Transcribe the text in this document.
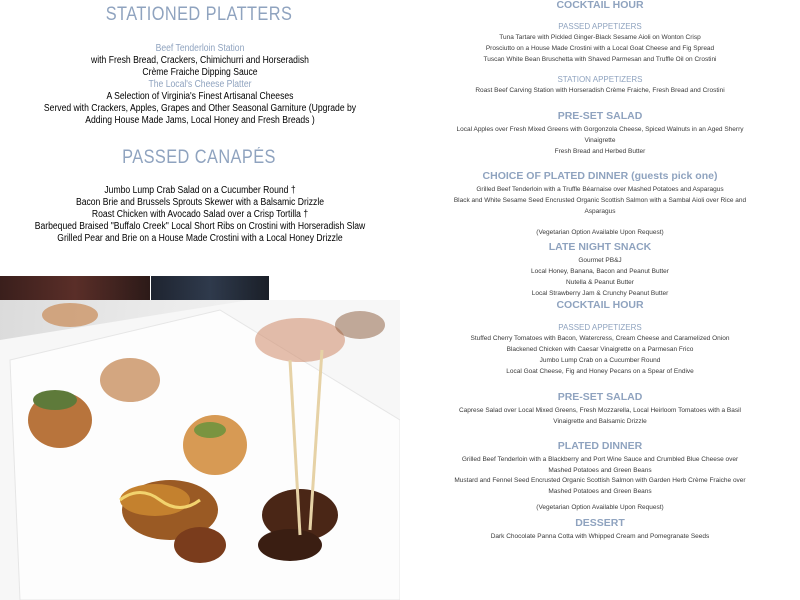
STATIONED PLATTERS
Beef Tenderloin Station
with Fresh Bread, Crackers, Chimichurri and Horseradish
Crème Fraiche Dipping Sauce
The Local's Cheese Platter
A Selection of Virginia's Finest Artisanal Cheeses
Served with Crackers, Apples, Grapes and Other Seasonal Garniture (Upgrade by
Adding House Made Jams, Local Honey and Fresh Breads )
PASSED CANAPÉS
Jumbo Lump Crab Salad on a Cucumber Round †
Bacon Brie and Brussels Sprouts Skewer with a Balsamic Drizzle
Roast Chicken with Avocado Salad over a Crisp Tortilla †
Barbequed Braised "Buffalo Creek" Local Short Ribs on Crostini with Horseradish Slaw
Grilled Pear and Brie on a House Made Crostini with a Local Honey Drizzle
COCKTAIL HOUR
PASSED APPETIZERS
Tuna Tartare with Pickled Ginger-Black Sesame Aioli on Wonton Crisp
Prosciutto on a House Made Crostini with a Local Goat Cheese and Fig Spread
Tuscan White Bean Bruschetta with Shaved Parmesan and Truffle Oil on Crostini
STATION APPETIZERS
Roast Beef Carving Station with Horseradish Crème Fraiche, Fresh Bread and Crostini
PRE-SET SALAD
Local Apples over Fresh Mixed Greens with Gorgonzola Cheese, Spiced Walnuts in an Aged Sherry
Vinaigrette
Fresh Bread and Herbed Butter
CHOICE OF PLATED DINNER (guests pick one)
Grilled Beef Tenderloin with a Truffle Béarnaise over Mashed Potatoes and Asparagus
Black and White Sesame Seed Encrusted Organic Scottish Salmon with a Sambal Aioli over Rice and
Asparagus
(Vegetarian Option Available Upon Request)
LATE NIGHT SNACK
Gourmet PB&J
Local Honey, Banana, Bacon and Peanut Butter
Nutella & Peanut Butter
Local Strawberry Jam & Crunchy Peanut Butter
COCKTAIL HOUR
PASSED APPETIZERS
Stuffed Cherry Tomatoes with Bacon, Watercress, Cream Cheese and Caramelized Onion
Blackened Chicken with Caesar Vinaigrette on a Parmesan Frico
Jumbo Lump Crab on a Cucumber Round
Local Goat Cheese, Fig and Honey Pecans on a Spear of Endive
PRE-SET SALAD
Caprese Salad over Local Mixed Greens, Fresh Mozzarella, Local Heirloom Tomatoes with a Basil
Vinaigrette and Balsamic Drizzle
PLATED DINNER
Grilled Beef Tenderloin with a Blackberry and Port Wine Sauce and Crumbled Blue Cheese over
Mashed Potatoes and Green Beans
Mustard and Fennel Seed Encrusted Organic Scottish Salmon with Garden Herb Crème Fraiche over
Mashed Potatoes and Green Beans
(Vegetarian Option Available Upon Request)
DESSERT
Dark Chocolate Panna Cotta with Whipped Cream and Pomegranate Seeds
